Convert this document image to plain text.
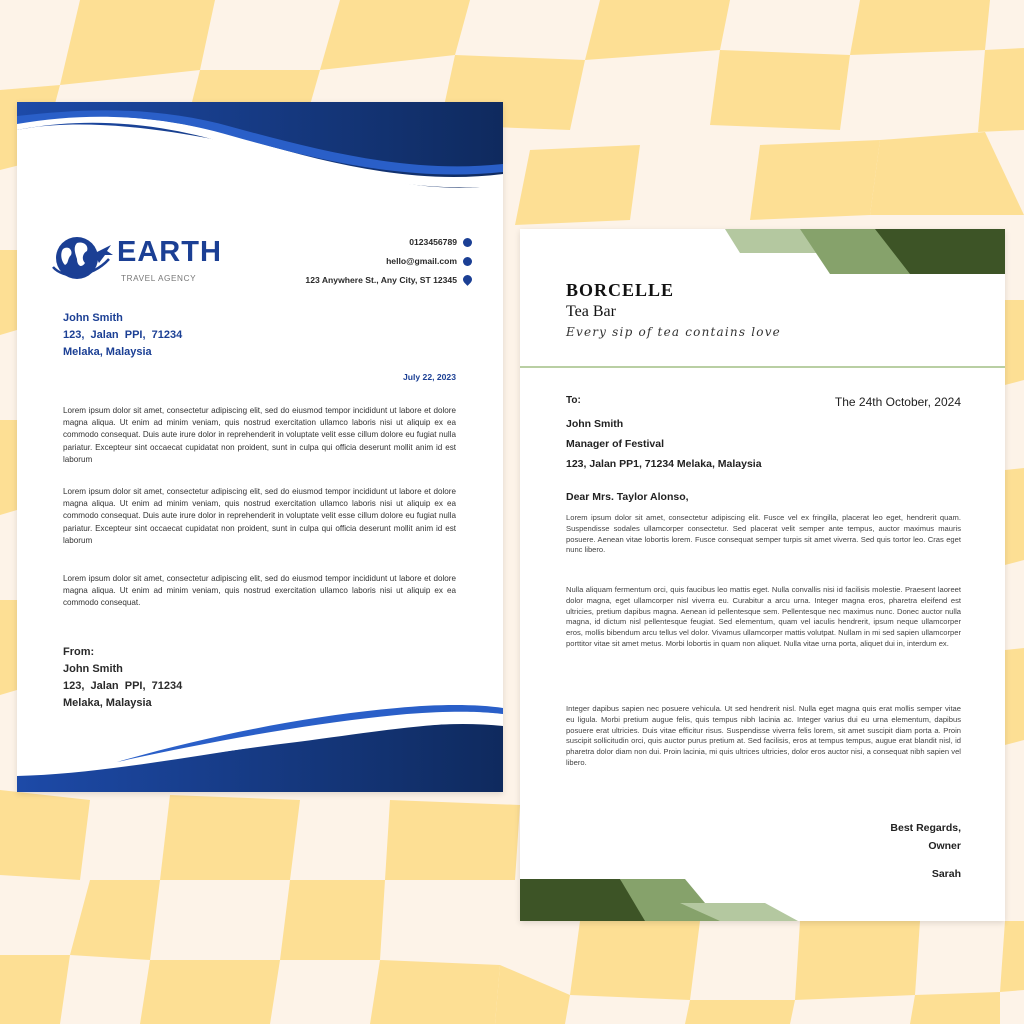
EARTH
TRAVEL AGENCY
0123456789
hello@gmail.com
123 Anywhere St., Any City, ST 12345
John Smith
123,  Jalan  PPI,  71234
Melaka, Malaysia
July 22, 2023
Lorem ipsum dolor sit amet, consectetur adipiscing elit, sed do eiusmod tempor incididunt ut labore et dolore magna aliqua. Ut enim ad minim veniam, quis nostrud exercitation ullamco laboris nisi ut aliquip ex ea commodo consequat. Duis aute irure dolor in reprehenderit in voluptate velit esse cillum dolore eu fugiat nulla pariatur. Excepteur sint occaecat cupidatat non proident, sunt in culpa qui officia deserunt mollit anim id est laborum
Lorem ipsum dolor sit amet, consectetur adipiscing elit, sed do eiusmod tempor incididunt ut labore et dolore magna aliqua. Ut enim ad minim veniam, quis nostrud exercitation ullamco laboris nisi ut aliquip ex ea commodo consequat. Duis aute irure dolor in reprehenderit in voluptate velit esse cillum dolore eu fugiat nulla pariatur. Excepteur sint occaecat cupidatat non proident, sunt in culpa qui officia deserunt mollit anim id est laborum
Lorem ipsum dolor sit amet, consectetur adipiscing elit, sed do eiusmod tempor incididunt ut labore et dolore magna aliqua. Ut enim ad minim veniam, quis nostrud exercitation ullamco laboris nisi ut aliquip ex ea commodo consequat.
From:
John Smith
123,  Jalan  PPI,  71234
Melaka, Malaysia
BORCELLE
Tea Bar
Every sip of tea contains love
To:	The 24th October, 2024
John Smith
Manager of Festival
123, Jalan PP1, 71234 Melaka, Malaysia
Dear Mrs. Taylor Alonso,
Lorem ipsum dolor sit amet, consectetur adipiscing elit. Fusce vel ex fringilla, placerat leo eget, hendrerit quam. Suspendisse sodales ullamcorper consectetur. Sed placerat velit semper ante tempus, auctor maximus mauris posuere. Aenean vitae lobortis lorem. Fusce consequat semper turpis sit amet viverra. Sed quis tortor leo. Cras eget nunc libero.
Nulla aliquam fermentum orci, quis faucibus leo mattis eget. Nulla convallis nisi id facilisis molestie. Praesent laoreet dolor magna, eget ullamcorper nisl viverra eu. Curabitur a arcu urna. Integer magna eros, pharetra eleifend est ultricies, pretium dapibus magna. Aenean id pellentesque sem. Pellentesque nec maximus nunc. Donec auctor nulla magna, id dictum nisl pellentesque feugiat. Sed elementum, quam vel iaculis hendrerit, ipsum neque ullamcorper eros, mollis bibendum arcu tellus vel dolor. Vivamus ullamcorper mattis volutpat. Nullam in mi sed sapien ullamcorper porttitor vitae sit amet metus. Morbi lobortis in quam non aliquet. Nulla vitae urna porta, aliquet dui in, interdum ex.
Integer dapibus sapien nec posuere vehicula. Ut sed hendrerit nisl. Nulla eget magna quis erat mollis semper vitae eu ligula. Morbi pretium augue felis, quis tempus nibh lacinia ac. Integer varius dui eu urna elementum, dapibus posuere erat ultricies. Duis vitae efficitur risus. Suspendisse viverra felis lorem, sit amet suscipit diam porta a. Proin suscipit sollicitudin orci, quis auctor purus pretium at. Sed facilisis, eros at tempus tempus, augue erat blandit nisl, id pharetra dolor diam non dui. Proin lacinia, mi quis ultrices ultricies, dolor eros auctor nisi, a consequat nibh sapien vel libero.
Best Regards,
Owner
Sarah
